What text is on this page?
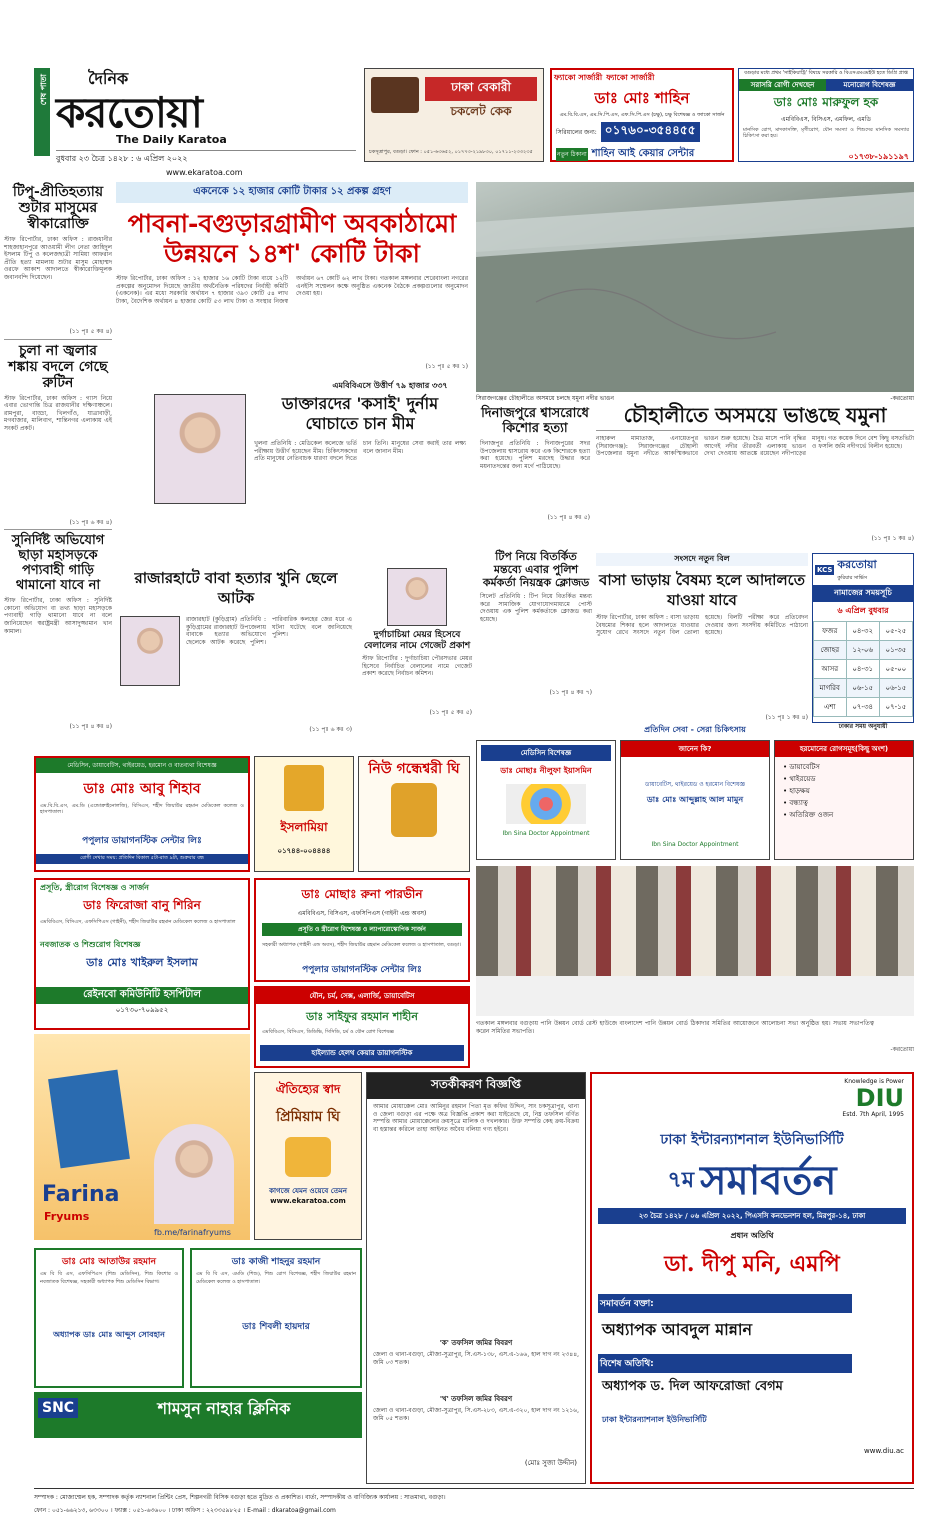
শেষ পাতা	দৈনিক
করতোয়া
The Daily Karatoa
বুধবার ২৩ চৈত্র ১৪২৮ : ৬ এপ্রিল ২০২২
www.ekaratoa.com
ঢাকা বেকারী
চকলেট কেক
চকসূত্রাপুর, বগুড়া। ফোন : ০৫১-৬৩৬৫২, ০১৭৭৩-২১৯৮৩০, ০১৭১১-২৩৩২৩৫
ফ্যাকো সার্জারী ফ্যাকো সার্জারী
ডাঃ মোঃ শাহিন
এম.বি.বি.এস, এম.সি.পি.এস, এফ.সি.পি.এস (চক্ষু), চক্ষু বিশেষজ্ঞ ও ফ্যাকো সার্জন
সিরিয়ালের জন্য: ০১৭৬০-৩৫৪৪৫৫
নতুন ঠিকানা শাহিন আই কেয়ার সেন্টার
বগুড়ার মধ্যে প্রথম 'সাইকিয়াট্রি' বিষয়ে সরকারি ও বিএসএমএমইউ হতে ডিগ্রি প্রাপ্ত
সরাসরি রোগী দেখছেন	মনোরোগ বিশেষজ্ঞ
ডাঃ মোঃ মারুফুল হক
এমবিবিএস, বিসিএস, এমফিল, এমডি
মানসিক রোগ, মাদকাসক্তি, মৃগীরোগ, যৌন সমস্যা ও শিশুদের মানসিক সমস্যার চিকিৎসা করা হয়।
০১৭৩৮-১৯১১৯৭
টিপু-প্রীতিহত্যায় শুটার মাসুমের স্বীকারোক্তি
স্টাফ রিপোর্টার, ঢাকা অফিস : রাজধানীর শাহজাহানপুরে আওয়ামী লীগ নেতা জাহিদুল ইসলাম টিপু ও কলেজছাত্রী সামিয়া আফরান প্রীতি হত্যা মামলায় শুটার মাসুম মোহাম্মদ ওরফে আকাশ আদালতে স্বীকারোক্তিমূলক জবানবন্দি দিয়েছেন।
(১১ পৃঃ ৫ কঃ ৪)
চুলা না জ্বলার শঙ্কায় বদলে গেছে রুটিন
স্টাফ রিপোর্টার, ঢাকা অফিস : গ্যাস নিয়ে এবার ভোগান্তি চিত্র রাজধানীর দক্ষিণাঞ্চলে। রামপুরা, বাড্ডা, খিলগাঁও, যাত্রাবাড়ী, মগবাজার, মালিবাগ, শান্তিনগর এলাকায় এই সংকট প্রকট।
(১১ পৃঃ ৬ কঃ ৪)
সুনির্দিষ্ট অভিযোগ ছাড়া মহাসড়কে পণ্যবাহী গাড়ি থামানো যাবে না
স্টাফ রিপোর্টার, ঢাকা অফিস : সুনির্দিষ্ট কোনো অভিযোগ বা তথ্য ছাড়া মহাসড়কে পণ্যবাহী গাড়ি থামানো যাবে না বলে জানিয়েছেন স্বরাষ্ট্রমন্ত্রী আসাদুজ্জামান খান কামাল।
(১১ পৃঃ ৪ কঃ ৪)
একনেকে ১২ হাজার কোটি টাকার ১২ প্রকল্প গ্রহণ
পাবনা-বগুড়ারগ্রামীণ অবকাঠামো
উন্নয়নে ১৪শ' কোটি টাকা
স্টাফ রিপোর্টার, ঢাকা অফিস : ১২ হাজার ১৬ কোটি টাকা ব্যয়ে ১২টি প্রকল্পের অনুমোদন দিয়েছে জাতীয় অর্থনৈতিক পরিষদের নির্বাহী কমিটি (একনেক)। এর মধ্যে সরকারি অর্থায়ন ৭ হাজার ৩৯৩ কোটি ৫৪ লাখ টাকা, বৈদেশিক অর্থায়ন ৪ হাজার কোটি ৫৩ লাখ টাকা ও সংস্থার নিজস্ব অর্থায়ন ৬৭ কোটি ৬২ লাখ টাকা। গতকাল মঙ্গলবার শেরেবাংলা নগরের এনইসি সম্মেলন কক্ষে অনুষ্ঠিত একনেক বৈঠকে প্রকল্পগুলোর অনুমোদন দেওয়া হয়।
(১১ পৃঃ ৫ কঃ ১)
সিরাজগঞ্জের চৌহালীতে অসময়ে চলছে যমুনা নদীর ভাঙন	-করতোয়া
এমবিবিএসে উত্তীর্ণ ৭৯ হাজার ৩৩৭
ডাক্তারদের 'কসাই' দুর্নাম ঘোচাতে চান মীম
খুলনা প্রতিনিধি : মেডিকেল কলেজে ভর্তি পরীক্ষায় উত্তীর্ণ হয়েছেন মীম। চিকিৎসকদের প্রতি মানুষের নেতিবাচক ধারণা বদলে দিতে চান তিনি। মানুষের সেবা করাই তার লক্ষ্য বলে জানান মীম।
দিনাজপুরে শ্বাসরোধে কিশোর হত্যা
দিনাজপুর প্রতিনিধি : দিনাজপুরের সদর উপজেলায় শ্বাসরোধ করে এক কিশোরকে হত্যা করা হয়েছে। পুলিশ মরদেহ উদ্ধার করে ময়নাতদন্তের জন্য মর্গে পাঠিয়েছে।
(১১ পৃঃ ৪ কঃ ৫)
চৌহালীতে অসময়ে ভাঙছে যমুনা
নাহারুল মামাতাজ, এনায়েতপুর (সিরাজগঞ্জ): সিরাজগঞ্জের চৌহালী উপজেলার যমুনা নদীতে আকস্মিকভাবে ভাঙন শুরু হয়েছে। চৈত্র মাসে পানি বৃদ্ধির আগেই নদীর তীরবর্তী এলাকায় ভাঙন দেখা দেওয়ায় আতঙ্কে রয়েছেন নদীপাড়ের মানুষ। গত কয়েক দিনে বেশ কিছু বসতভিটা ও ফসলি জমি নদীগর্ভে বিলীন হয়েছে।
(১১ পৃঃ ১ কঃ ৪)
টিপ নিয়ে বিতর্কিত মন্তব্যে এবার পুলিশ কর্মকর্তা নিয়ন্ত্রক ক্লোজড
সিলেট প্রতিনিধি : টিপ নিয়ে বিতর্কিত মন্তব্য করে সামাজিক যোগাযোগমাধ্যমে পোস্ট দেওয়ায় এক পুলিশ কর্মকর্তাকে ক্লোজড করা হয়েছে।
(১১ পৃঃ ৪ কঃ ৭)
সংসদে নতুন বিল
বাসা ভাড়ায় বৈষম্য হলে আদালতে যাওয়া যাবে
স্টাফ রিপোর্টার, ঢাকা অফিস : বাসা ভাড়ায় বৈষম্যের শিকার হলে আদালতে যাওয়ার সুযোগ রেখে সংসদে নতুন বিল তোলা হয়েছে। বিলটি পরীক্ষা করে প্রতিবেদন দেওয়ার জন্য সংসদীয় কমিটিতে পাঠানো হয়েছে।
(১১ পৃঃ ১ কঃ ৪)
KCS করতোয়া
কুরিয়ার সার্ভিস
নামাজের সময়সূচি
৬ এপ্রিল বুধবার
ফজর	০৪-৩২	০৫-২৫
জোহর	১২-০৬	০১-৩৫
আসর	০৪-৩১	০৫-০০
মাগরিব	০৬-১৫	০৬-১৫
এশা	০৭-৩৪	০৭-১৫
ঢাকার সময় অনুযায়ী
রাজারহাটে বাবা হত্যার খুনি ছেলে আটক
রাজারহাট (কুড়িগ্রাম) প্রতিনিধি : কুড়িগ্রামের রাজারহাট উপজেলায় বাবাকে হত্যার অভিযোগে ছেলেকে আটক করেছে পুলিশ। পারিবারিক কলহের জের ধরে এ ঘটনা ঘটেছে বলে জানিয়েছে পুলিশ।
(১১ পৃঃ ৬ কঃ ৩)
দুর্গাচাচিয়া মেয়র হিসেবে বেলালের নামে গেজেট প্রকাশ
স্টাফ রিপোর্টার : দুর্গাচাচিয়া পৌরসভার মেয়র হিসেবে নির্বাচিত বেলালের নামে গেজেট প্রকাশ করেছে নির্বাচন কমিশন।
(১১ পৃঃ ৫ কঃ ৫)
মেডিসিন, ডায়াবেটিস, থাইরয়েড, হরমোন ও বাতব্যথা বিশেষজ্ঞ
ডাঃ মোঃ আবু শিহাব
এম.বি.বি.এস, এম.ডি (এন্ডোক্রাইনোলজি), বিসিএস, শহীদ জিয়াউর রহমান মেডিকেল কলেজ ও হাসপাতাল।
পপুলার ডায়াগনস্টিক সেন্টার লিঃ
রোগী দেখার সময়: প্রতিদিন বিকাল ৫টা-রাত ৯টা, শুক্রবার বন্ধ
ইসলামিয়া
০১৭৪৪-০০৪৪৪৪
নিউ গন্ধেশ্বরী ঘি
প্রতিদিন সেবা - সেরা চিকিৎসায়
মেডিসিন বিশেষজ্ঞ
ডাঃ মোছাঃ নীলুফা ইয়াসমিন
Ibn Sina Doctor Appointment
জানেন কি?
ডায়াবেটিস, থাইরয়েড ও হরমোন বিশেষজ্ঞ
ডাঃ মোঃ আব্দুল্লাহ আল মামুন
Ibn Sina Doctor Appointment
হরমোনের রোগসমূহ(কিছু অংশ)
• ডায়াবেটিস
• থাইরয়েড
• হাড়ক্ষয়
• বন্ধ্যাত্ব
• অতিরিক্ত ওজন
গতকাল মঙ্গলবার বগুড়ায় পানি উন্নয়ন বোর্ড রেস্ট হাউজে বাংলাদেশ পানি উন্নয়ন বোর্ড ঠিকাদার সমিতির আয়োজনে আলোচনা সভা অনুষ্ঠিত হয়। সভায় সভাপতিত্ব করেন সমিতির সভাপতি।
-করতোয়া
প্রসূতি, স্ত্রীরোগ বিশেষজ্ঞ ও সার্জন
ডাঃ ফিরোজা বানু শিরিন
এমবিবিএস, বিসিএস, এফসিপিএস (গাইনী), শহীদ জিয়াউর রহমান মেডিকেল কলেজ ও হাসপাতাল
নবজাতক ও শিশুরোগ বিশেষজ্ঞ
ডাঃ মোঃ খাইরুল ইসলাম
রেইনবো কমিউনিটি হসপিটাল
০১৭৩০-৭০৯৯৫২
Farina
Fryums
fb.me/farinafryums
ডাঃ মোছাঃ রুনা পারভীন
এমবিবিএস, বিসিএস, এফসিপিএস (গাইনী এন্ড অবস)
প্রসূতি ও স্ত্রীরোগ বিশেষজ্ঞ ও ল্যাপারোস্কোপিক সার্জন
সহকারী অধ্যাপক (গাইনী এন্ড অবস), শহীদ জিয়াউর রহমান মেডিকেল কলেজ ও হাসপাতাল, বগুড়া।
পপুলার ডায়াগনস্টিক সেন্টার লিঃ
যৌন, চর্ম, সেক্স, এলার্জি, ডায়াবেটিস
ডাঃ সাইফুর রহমান শাহীন
এমবিবিএস, বিসিএস, ডিডিভি, সিসিডি, চর্ম ও যৌন রোগ বিশেষজ্ঞ
হাইল্যান্ড হেলথ কেয়ার ডায়াগনস্টিক
ঐতিহ্যের স্বাদ
প্রিমিয়াম ঘি
কাগজে যেমন ওয়েবে তেমন
www.ekaratoa.com
সতর্কীকরণ বিজ্ঞপ্তি
আমার মোয়াক্কেল মোঃ আমিনুর রহমান পিতা মৃত কফির উদ্দিন, সাং চকসূত্রাপুর, থানা ও জেলা বগুড়া এর পক্ষে অত্র বিজ্ঞপ্তি প্রকাশ করা যাইতেছে যে, নিম্ন তফসিল বর্ণিত সম্পত্তি আমার মোয়াক্কেলের ক্রয়সূত্রে মালিক ও দখলকার। উক্ত সম্পত্তি কেহ ক্রয়-বিক্রয় বা হস্তান্তর করিলে তাহা আইনত অবৈধ বলিয়া গণ্য হইবে।
'ক' তফসিল জমির বিবরণ
জেলা ও থানা-বগুড়া, মৌজা-সুত্রাপুর, সি.এস-১৩৮, এস.এ-১৬৬, হাল দাগ নং ২৩৪৪, জমি ০৩ শতক।
'খ' তফসিল জমির বিবরণ
জেলা ও থানা-বগুড়া, মৌজা-সুত্রাপুর, সি.এস-২৮৩, এস.এ-৩২০, হাল দাগ নং ১২১৬, জমি ০৫ শতক।
(মোঃ সুজা উদ্দীন)
Knowledge is Power
DIU
Estd. 7th April, 1995
ঢাকা ইন্টারন্যাশনাল ইউনিভার্সিটি
৭ম সমাবর্তন
২৩ চৈত্র ১৪২৮ / ০৬ এপ্রিল ২০২২, পিএসসি কনভেনশন হল, মিরপুর-১৪, ঢাকা
প্রধান অতিথি
ডা. দীপু মনি, এমপি
সমাবর্তন বক্তা:
অধ্যাপক আবদুল মান্নান
বিশেষ অতিথি:
অধ্যাপক ড. দিল আফরোজা বেগম
ঢাকা ইন্টারন্যাশনাল ইউনিভার্সিটি
www.diu.ac
ডাঃ মোঃ আতাউর রহমান
এম বি বি এস, এফসিপিএস (শিশু মেডিসিন), শিশু কিশোর ও নবজাতক বিশেষজ্ঞ, সহকারী অধ্যাপক শিশু মেডিসিন বিভাগ।
অধ্যাপক ডাঃ মোঃ আব্দুস সোবহান
ডাঃ কাজী শাহনুর রহমান
এম বি বি এস, এমডি (শিশু), শিশু রোগ বিশেষজ্ঞ, শহীদ জিয়াউর রহমান মেডিকেল কলেজ ও হাসপাতাল।
ডাঃ শিবলী হায়দার
SNC	শামসুন নাহার ক্লিনিক
সম্পাদক : মোজাম্মেল হক, সম্পাদক কর্তৃক ন্যাশনাল প্রিন্টিং প্রেস, শিল্পনগরী বিসিক বগুড়া হতে মুদ্রিত ও প্রকাশিত। বার্তা, সম্পাদকীয় ও বাণিজ্যিক কার্যালয় : সাতমাথা, বগুড়া।
ফোন : ০৫১-৬৬২১৩, ৬৩৩০০ । ফ্যাক্স : ০৫১-৬৩৬০০ । ঢাকা অফিস : ২২৩৩৫৯৮২৫ । E-mail : dkaratoa@gmail.com
